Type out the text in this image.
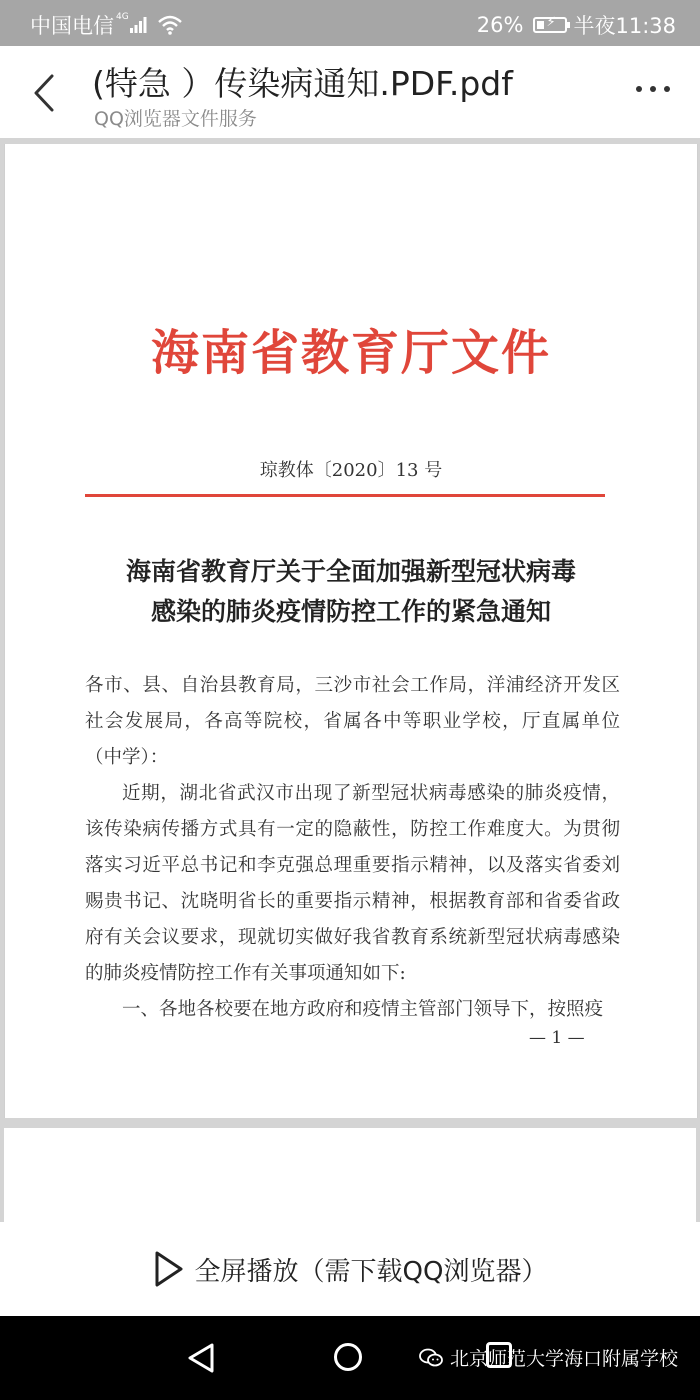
中国电信 4G	26% ⚡ 半夜11:38
(特急 ）传染病通知.PDF.pdf
QQ浏览器文件服务
海南省教育厅文件
琼教体〔2020〕13 号
海南省教育厅关于全面加强新型冠状病毒
感染的肺炎疫情防控工作的紧急通知

各市、县、自治县教育局，三沙市社会工作局，洋浦经济开发区社会发展局，各高等院校，省属各中等职业学校，厅直属单位（中学）：

近期，湖北省武汉市出现了新型冠状病毒感染的肺炎疫情，该传染病传播方式具有一定的隐蔽性，防控工作难度大。为贯彻落实习近平总书记和李克强总理重要指示精神，以及落实省委刘赐贵书记、沈晓明省长的重要指示精神，根据教育部和省委省政府有关会议要求，现就切实做好我省教育系统新型冠状病毒感染的肺炎疫情防控工作有关事项通知如下:

一、各地各校要在地方政府和疫情主管部门领导下，按照疫

— 1 —
全屏播放（需下载QQ浏览器）
北京师范大学海口附属学校
